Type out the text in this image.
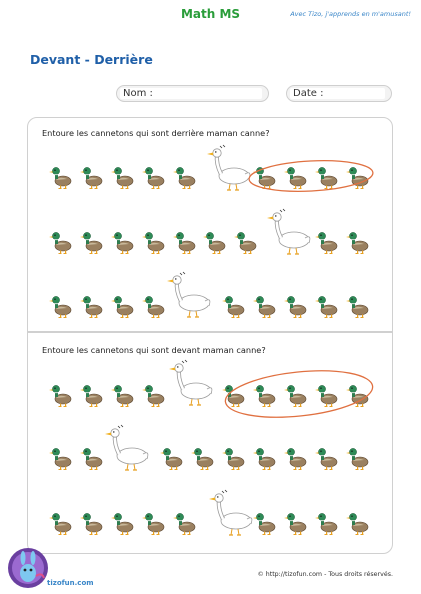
Math MS	Avec Tizo, j'apprends en m'amusant!
Devant - Derrière
Nom :	Date :
Entoure les cannetons qui sont derrière maman canne?
Entoure les cannetons qui sont devant maman canne?
© http://tizofun.com - Tous droits réservés.
tizofun.com
